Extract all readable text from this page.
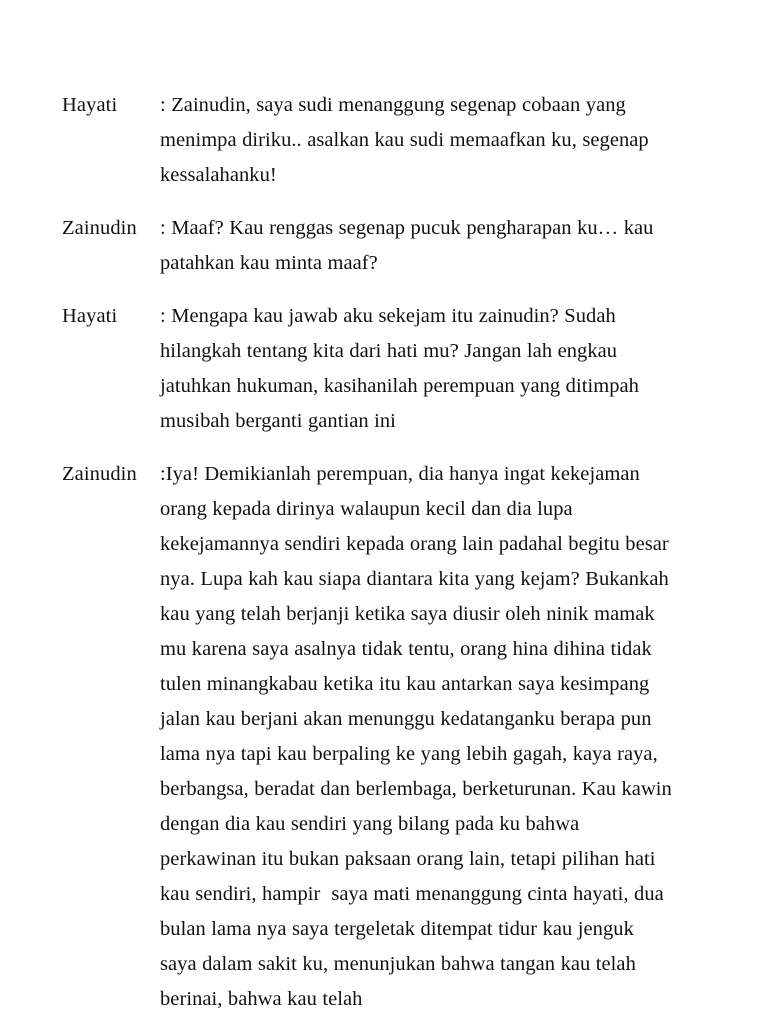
Hayati	: Zainudin, saya sudi menanggung segenap cobaan yang menimpa diriku.. asalkan kau sudi memaafkan ku, segenap kessalahanku!
Zainudin	: Maaf? Kau renggas segenap pucuk pengharapan ku… kau patahkan kau minta maaf?
Hayati	: Mengapa kau jawab aku sekejam itu zainudin? Sudah hilangkah tentang kita dari hati mu? Jangan lah engkau jatuhkan hukuman, kasihanilah perempuan yang ditimpah musibah berganti gantian ini
Zainudin	:Iya! Demikianlah perempuan, dia hanya ingat kekejaman orang kepada dirinya walaupun kecil dan dia lupa kekejamannya sendiri kepada orang lain padahal begitu besar nya. Lupa kah kau siapa diantara kita yang kejam? Bukankah kau yang telah berjanji ketika saya diusir oleh ninik mamak mu karena saya asalnya tidak tentu, orang hina dihina tidak tulen minangkabau ketika itu kau antarkan saya kesimpang jalan kau berjani akan menunggu kedatanganku berapa pun lama nya tapi kau berpaling ke yang lebih gagah, kaya raya, berbangsa, beradat dan berlembaga, berketurunan. Kau kawin dengan dia kau sendiri yang bilang pada ku bahwa perkawinan itu bukan paksaan orang lain, tetapi pilihan hati kau sendiri, hampir  saya mati menanggung cinta hayati, dua bulan lama nya saya tergeletak ditempat tidur kau jenguk saya dalam sakit ku, menunjukan bahwa tangan kau telah berinai, bahwa kau telah
